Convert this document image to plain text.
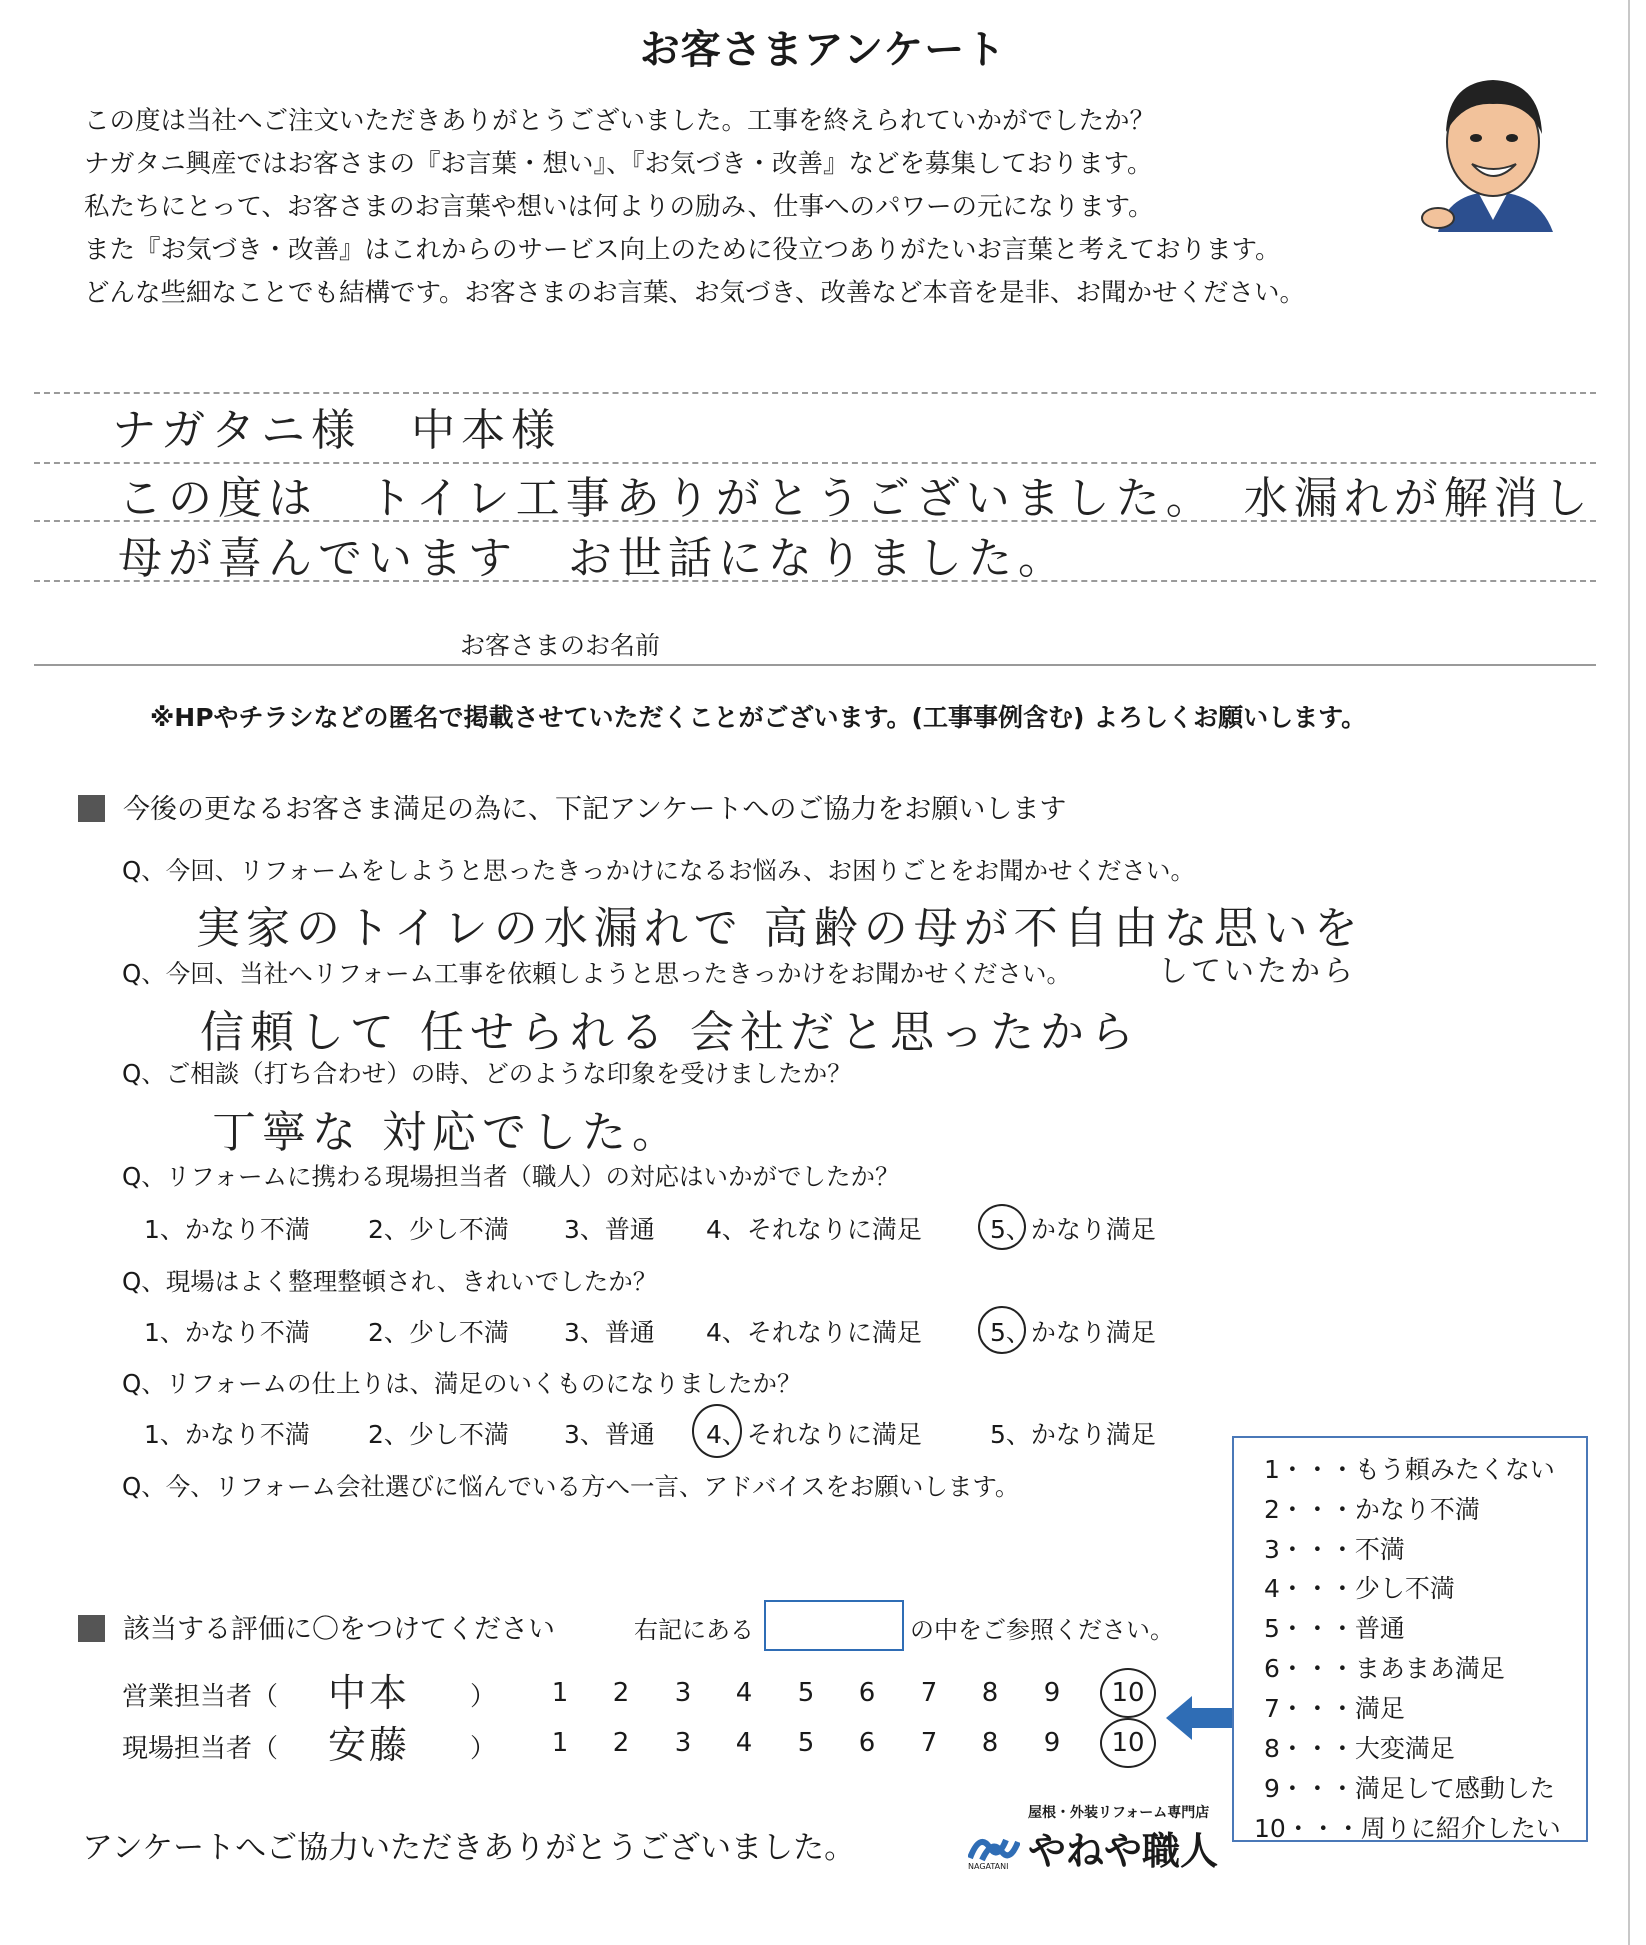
お客さまアンケート
この度は当社へご注文いただきありがとうございました。工事を終えられていかがでしたか？
ナガタニ興産ではお客さまの『お言葉・想い』、『お気づき・改善』などを募集しております。
私たちにとって、お客さまのお言葉や想いは何よりの励み、仕事へのパワーの元になります。
また『お気づき・改善』はこれからのサービス向上のために役立つありがたいお言葉と考えております。
どんな些細なことでも結構です。お客さまのお言葉、お気づき、改善など本音を是非、お聞かせください。
ナガタニ様　中本様
この度は　トイレ工事ありがとうございました。　水漏れが解消し
母が喜んでいます　お世話になりました。
お客さまのお名前
※HPやチラシなどの匿名で掲載させていただくことがございます。(工事事例含む) よろしくお願いします。
今後の更なるお客さま満足の為に、下記アンケートへのご協力をお願いします
Q、今回、リフォームをしようと思ったきっかけになるお悩み、お困りごとをお聞かせください。
実家のトイレの水漏れで 高齢の母が不自由な思いを
Q、今回、当社へリフォーム工事を依頼しようと思ったきっかけをお聞かせください。	していたから
信頼して 任せられる 会社だと思ったから
Q、ご相談（打ち合わせ）の時、どのような印象を受けましたか？
丁寧な 対応でした。
Q、リフォームに携わる現場担当者（職人）の対応はいかがでしたか？
1、かなり不満 2、少し不満 3、普通 4、それなりに満足	5、かなり満足
Q、現場はよく整理整頓され、きれいでしたか？
1、かなり不満 2、少し不満 3、普通 4、それなりに満足	5、かなり満足
Q、リフォームの仕上りは、満足のいくものになりましたか？
1、かなり不満 2、少し不満 3、普通 4、それなりに満足	5、かなり満足
Q、今、リフォーム会社選びに悩んでいる方へ一言、アドバイスをお願いします。
該当する評価に〇をつけてください	右記にある	の中をご参照ください。
営業担当者（ 中本 ）
現場担当者（ 安藤 ）
1 2 3 4 5 6 7 8 9 10
1 2 3 4 5 6 7 8 9 10
1・・・もう頼みたくない
2・・・かなり不満
3・・・不満
4・・・少し不満
5・・・普通
6・・・まあまあ満足
7・・・満足
8・・・大変満足
9・・・満足して感動した
10・・・周りに紹介したい
アンケートへご協力いただきありがとうございました。
屋根・外装リフォーム専門店
やねや職人
NAGATANI
